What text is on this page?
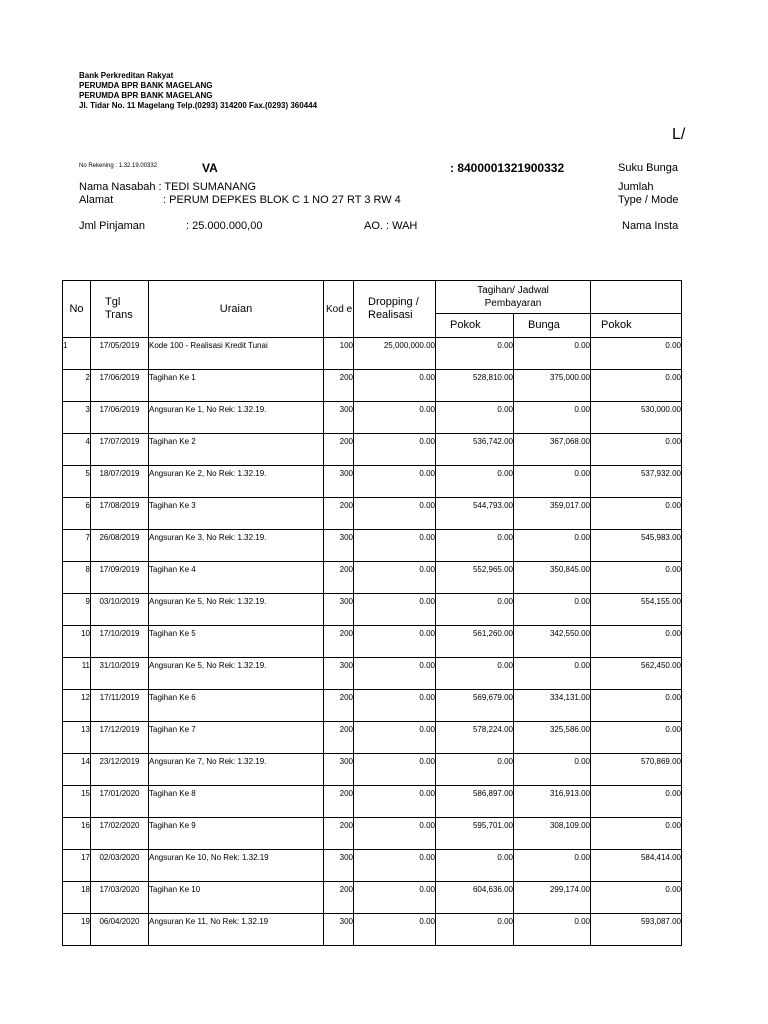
Bank Perkreditan Rakyat
PERUMDA BPR BANK MAGELANG
PERUMDA BPR BANK MAGELANG
Jl. Tidar No. 11 Magelang Telp.(0293) 314200 Fax.(0293) 360444
L/
No Rekening : 1.32.19.00332	VA	: 8400001321900332	Suku Bunga
Nama Nasabah : TEDI SUMANANG	Jumlah
Alamat	: PERUM DEPKES BLOK C 1 NO 27 RT 3 RW 4	Type / Mode
Jml Pinjaman	: 25.000.000,00	AO. : WAH	Nama Insta
No	Tgl Trans	Uraian	Kod e	Dropping / Realisasi	Tagihan/ Jadwal Pembayaran		
					Pokok	Bunga	Pokok
1	17/05/2019	Kode 100 - Realisasi Kredit Tunai	100	25,000,000.00	0.00	0.00	0.00
2	17/06/2019	Tagihan Ke 1	200	0.00	528,810.00	375,000.00	0.00
3	17/06/2019	Angsuran Ke 1, No Rek: 1.32.19.	300	0.00	0.00	0.00	530,000.00
4	17/07/2019	Tagihan Ke 2	200	0.00	536,742.00	367,068.00	0.00
5	18/07/2019	Angsuran Ke 2, No Rek: 1.32.19.	300	0.00	0.00	0.00	537,932.00
6	17/08/2019	Tagihan Ke 3	200	0.00	544,793.00	359,017.00	0.00
7	26/08/2019	Angsuran Ke 3, No Rek: 1.32.19.	300	0.00	0.00	0.00	545,983.00
8	17/09/2019	Tagihan Ke 4	200	0.00	552,965.00	350,845.00	0.00
9	03/10/2019	Angsuran Ke 5, No Rek: 1.32.19.	300	0.00	0.00	0.00	554,155.00
10	17/10/2019	Tagihan Ke 5	200	0.00	561,260.00	342,550.00	0.00
11	31/10/2019	Angsuran Ke 5, No Rek: 1.32.19.	300	0.00	0.00	0.00	562,450.00
12	17/11/2019	Tagihan Ke 6	200	0.00	569,679.00	334,131.00	0.00
13	17/12/2019	Tagihan Ke 7	200	0.00	578,224.00	325,586.00	0.00
14	23/12/2019	Angsuran Ke 7, No Rek: 1.32.19.	300	0.00	0.00	0.00	570,869.00
15	17/01/2020	Tagihan Ke 8	200	0.00	586,897.00	316,913.00	0.00
16	17/02/2020	Tagihan Ke 9	200	0.00	595,701.00	308,109.00	0.00
17	02/03/2020	Angsuran Ke 10, No Rek: 1.32.19	300	0.00	0.00	0.00	584,414.00
18	17/03/2020	Tagihan Ke 10	200	0.00	604,636.00	299,174.00	0.00
19	06/04/2020	Angsuran Ke 11, No Rek: 1.32.19	300	0.00	0.00	0.00	593,087.00
